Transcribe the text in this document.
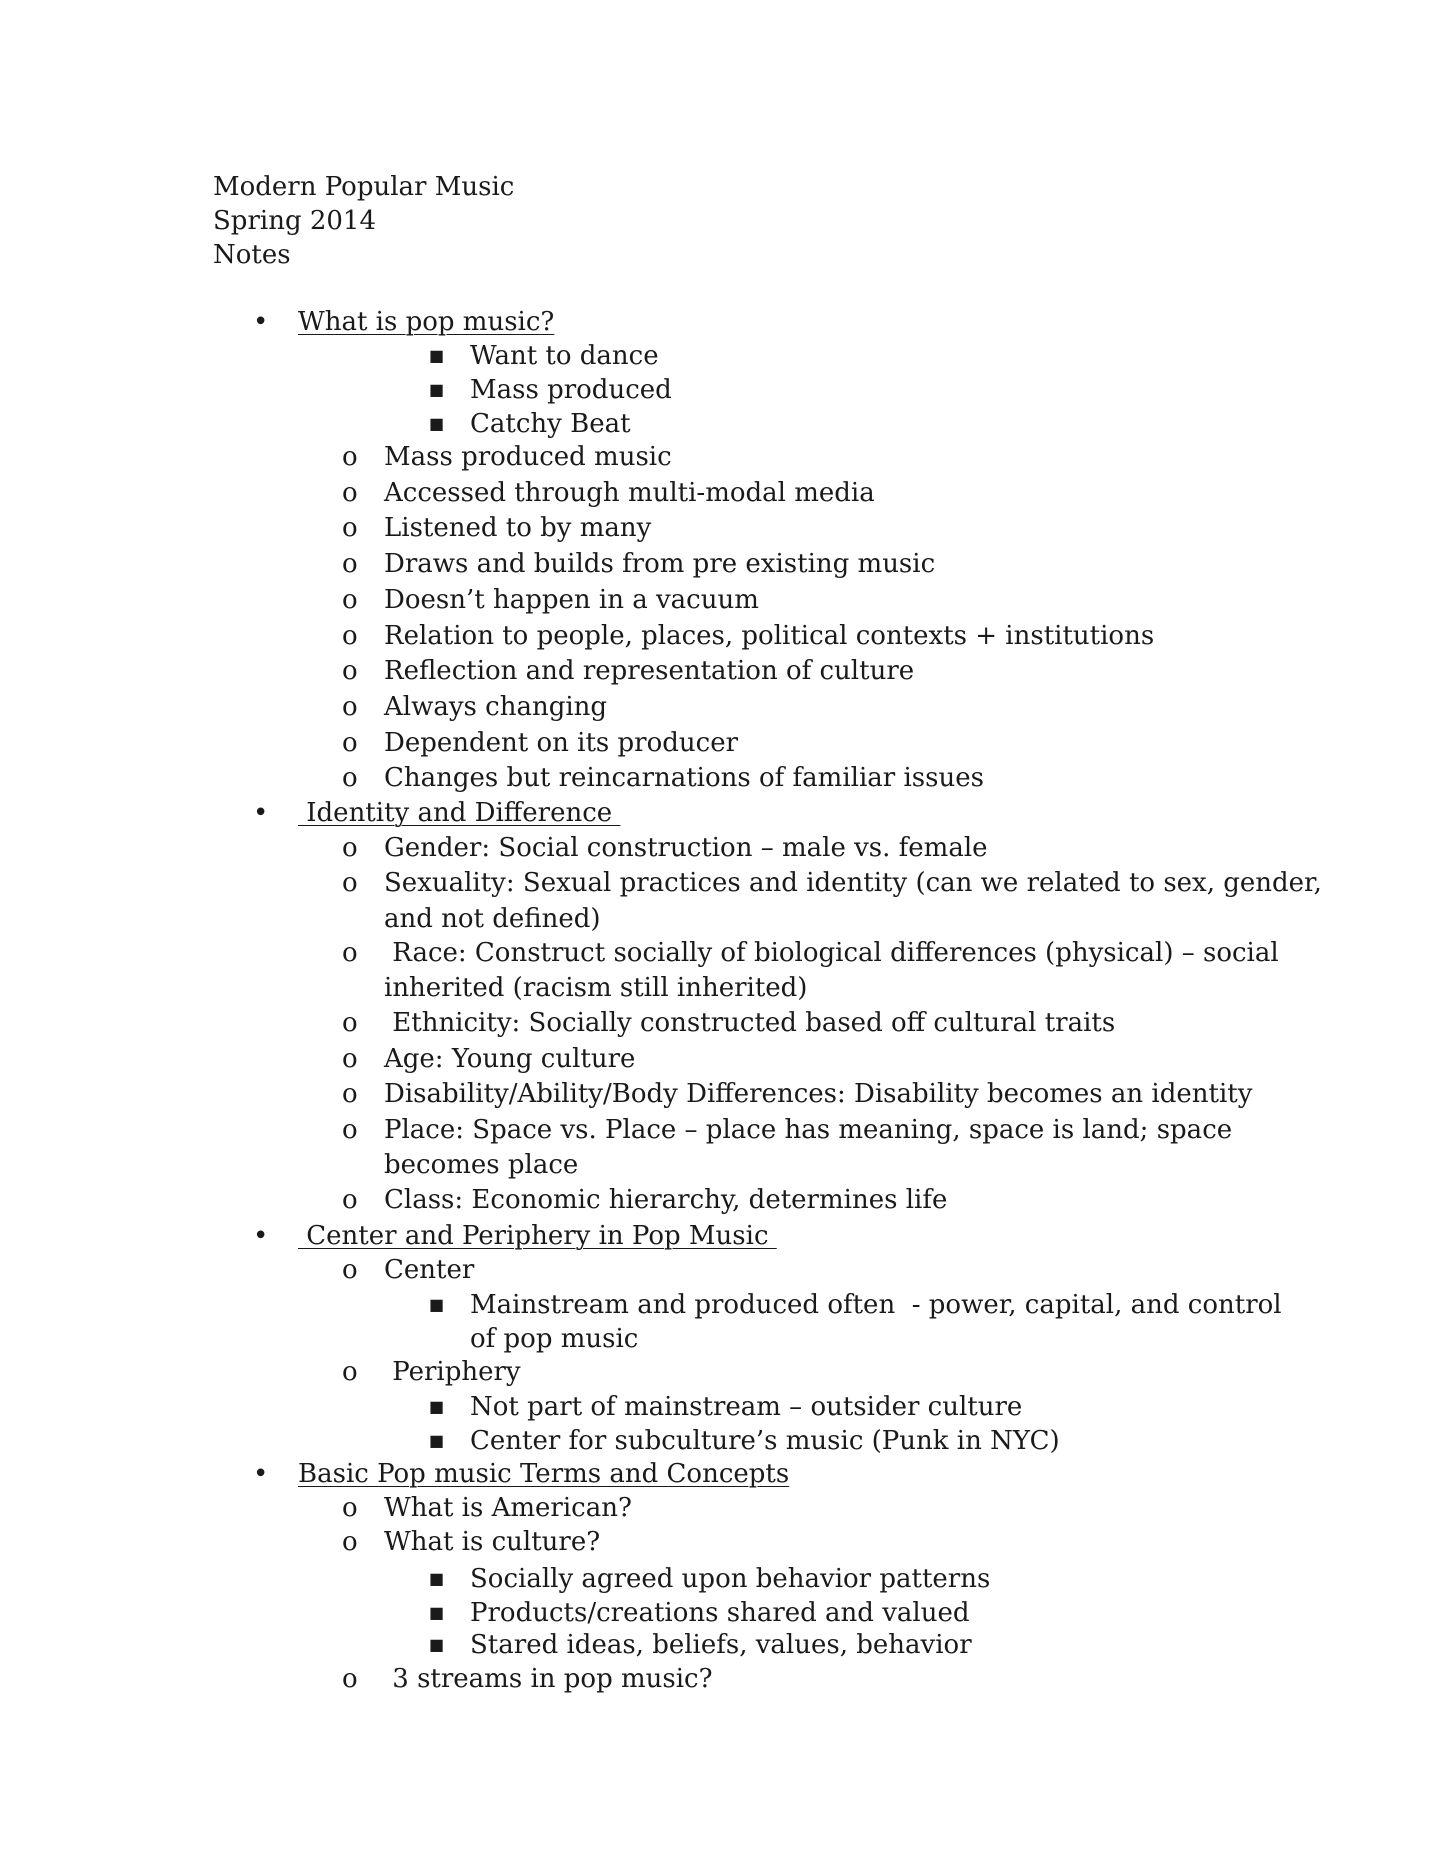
Modern Popular Music
Spring 2014
Notes
• What is pop music?
■ Want to dance
■ Mass produced
■ Catchy Beat
o Mass produced music
o Accessed through multi-modal media
o Listened to by many
o Draws and builds from pre existing music
o Doesn’t happen in a vacuum
o Relation to people, places, political contexts + institutions
o Reflection and representation of culture
o Always changing
o Dependent on its producer
o Changes but reincarnations of familiar issues
• Identity and Difference
o Gender: Social construction – male vs. female
o Sexuality: Sexual practices and identity (can we related to sex, gender,
and not defined)
o Race: Construct socially of biological differences (physical) – social
inherited (racism still inherited)
o Ethnicity: Socially constructed based off cultural traits
o Age: Young culture
o Disability/Ability/Body Differences: Disability becomes an identity
o Place: Space vs. Place – place has meaning, space is land; space
becomes place
o Class: Economic hierarchy, determines life
• Center and Periphery in Pop Music
o Center
■ Mainstream and produced often  - power, capital, and control
of pop music
o Periphery
■ Not part of mainstream – outsider culture
■ Center for subculture’s music (Punk in NYC)
• Basic Pop music Terms and Concepts
o What is American?
o What is culture?
■ Socially agreed upon behavior patterns
■ Products/creations shared and valued
■ Stared ideas, beliefs, values, behavior
o 3 streams in pop music?
